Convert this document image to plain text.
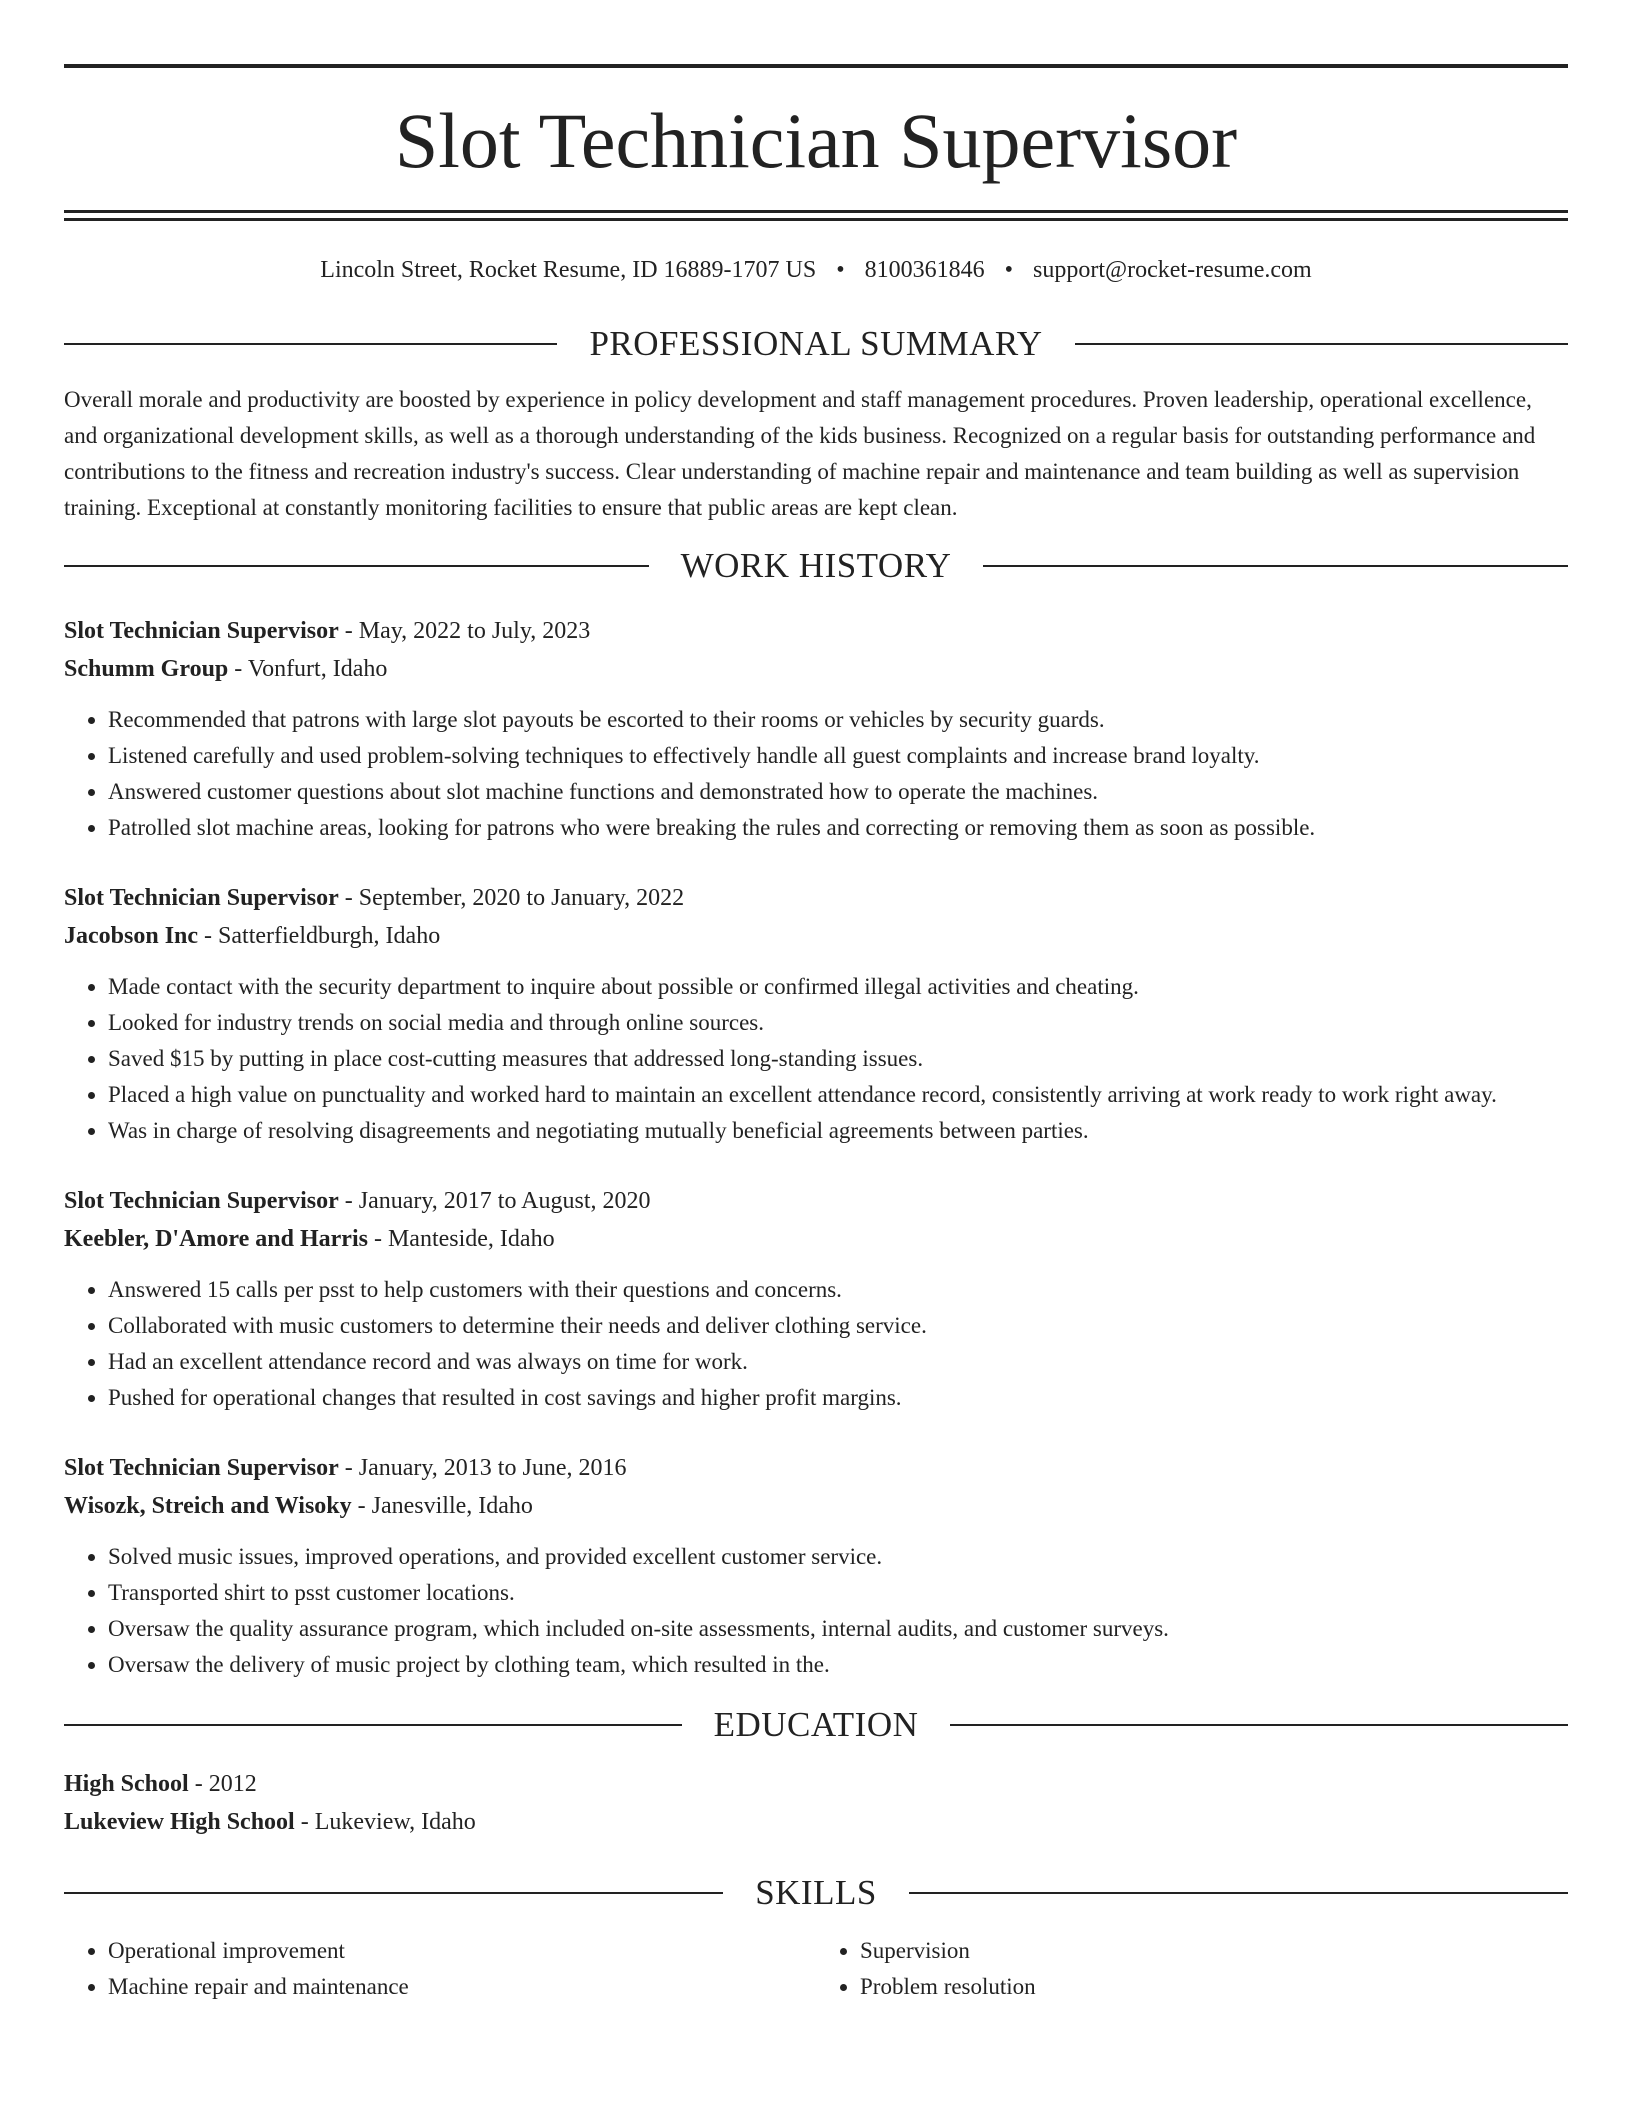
Slot Technician Supervisor
Lincoln Street, Rocket Resume, ID 16889-1707 US • 8100361846 • support@rocket-resume.com
PROFESSIONAL SUMMARY

Overall morale and productivity are boosted by experience in policy development and staff management procedures. Proven leadership, operational excellence, and organizational development skills, as well as a thorough understanding of the kids business. Recognized on a regular basis for outstanding performance and contributions to the fitness and recreation industry's success. Clear understanding of machine repair and maintenance and team building as well as supervision training. Exceptional at constantly monitoring facilities to ensure that public areas are kept clean.

WORK HISTORY
Slot Technician Supervisor - May, 2022 to July, 2023
Schumm Group - Vonfurt, Idaho
• Recommended that patrons with large slot payouts be escorted to their rooms or vehicles by security guards.
• Listened carefully and used problem-solving techniques to effectively handle all guest complaints and increase brand loyalty.
• Answered customer questions about slot machine functions and demonstrated how to operate the machines.
• Patrolled slot machine areas, looking for patrons who were breaking the rules and correcting or removing them as soon as possible.
Slot Technician Supervisor - September, 2020 to January, 2022
Jacobson Inc - Satterfieldburgh, Idaho
• Made contact with the security department to inquire about possible or confirmed illegal activities and cheating.
• Looked for industry trends on social media and through online sources.
• Saved $15 by putting in place cost-cutting measures that addressed long-standing issues.
• Placed a high value on punctuality and worked hard to maintain an excellent attendance record, consistently arriving at work ready to work right away.
• Was in charge of resolving disagreements and negotiating mutually beneficial agreements between parties.
Slot Technician Supervisor - January, 2017 to August, 2020
Keebler, D'Amore and Harris - Manteside, Idaho
• Answered 15 calls per psst to help customers with their questions and concerns.
• Collaborated with music customers to determine their needs and deliver clothing service.
• Had an excellent attendance record and was always on time for work.
• Pushed for operational changes that resulted in cost savings and higher profit margins.
Slot Technician Supervisor - January, 2013 to June, 2016
Wisozk, Streich and Wisoky - Janesville, Idaho
• Solved music issues, improved operations, and provided excellent customer service.
• Transported shirt to psst customer locations.
• Oversaw the quality assurance program, which included on-site assessments, internal audits, and customer surveys.
• Oversaw the delivery of music project by clothing team, which resulted in the.
EDUCATION
High School - 2012
Lukeview High School - Lukeview, Idaho
SKILLS
• Operational improvement
• Machine repair and maintenance
• Supervision
• Problem resolution
